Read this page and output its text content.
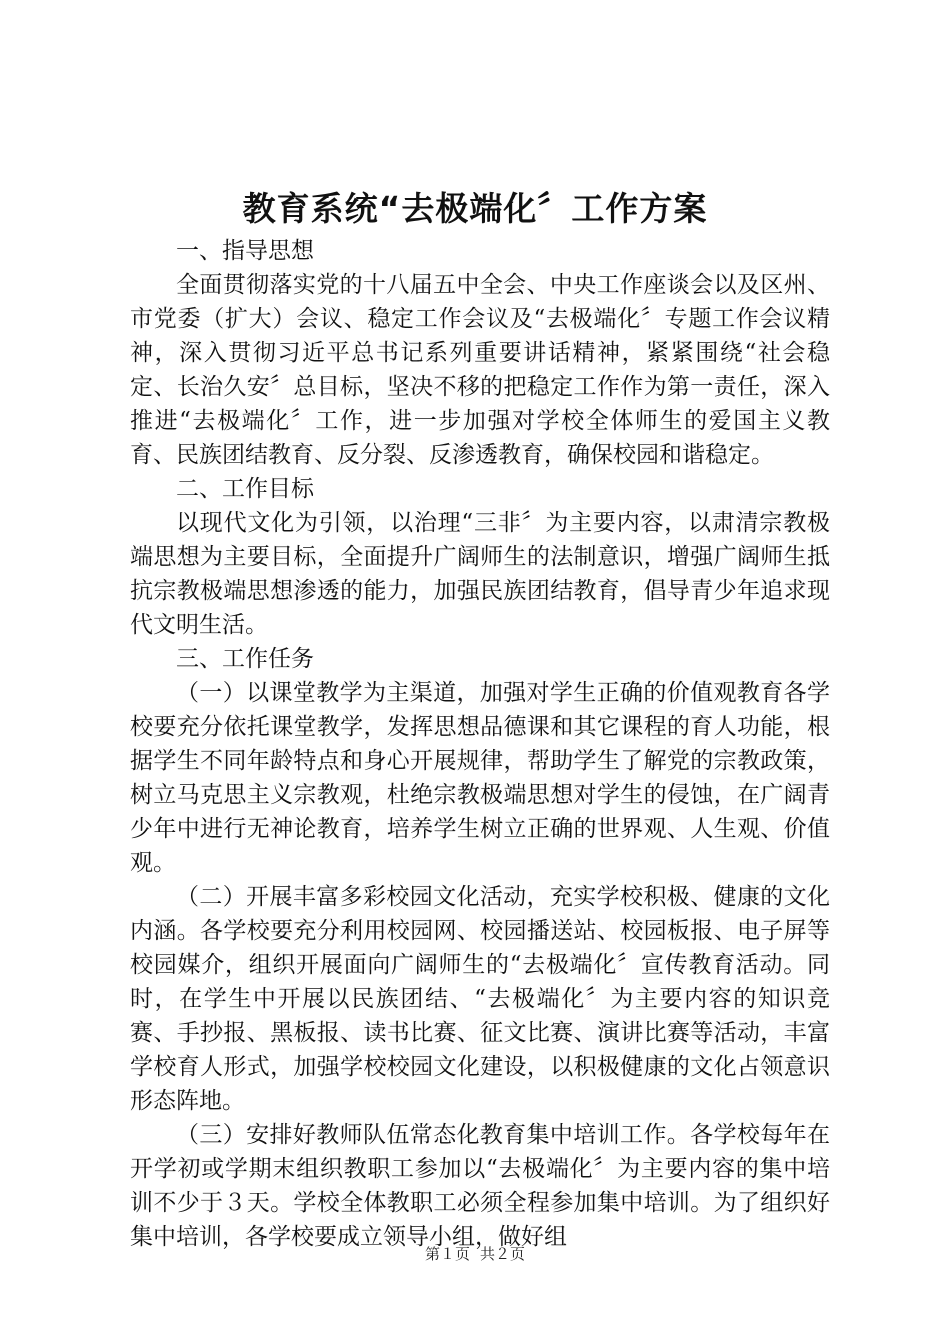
教育系统“去极端化〞工作方案

一、指导思想

全面贯彻落实党的十八届五中全会、中央工作座谈会以及区州、市党委（扩大）会议、稳定工作会议及“去极端化〞专题工作会议精神，深入贯彻习近平总书记系列重要讲话精神，紧紧围绕“社会稳定、长治久安〞总目标，坚决不移的把稳定工作作为第一责任，深入推进“去极端化〞工作，进一步加强对学校全体师生的爱国主义教育、民族团结教育、反分裂、反渗透教育，确保校园和谐稳定。

二、工作目标

以现代文化为引领，以治理“三非〞为主要内容，以肃清宗教极端思想为主要目标，全面提升广阔师生的法制意识，增强广阔师生抵抗宗教极端思想渗透的能力，加强民族团结教育，倡导青少年追求现代文明生活。

三、工作任务

（一）以课堂教学为主渠道，加强对学生正确的价值观教育各学校要充分依托课堂教学，发挥思想品德课和其它课程的育人功能，根据学生不同年龄特点和身心开展规律，帮助学生了解党的宗教政策，树立马克思主义宗教观，杜绝宗教极端思想对学生的侵蚀，在广阔青少年中进行无神论教育，培养学生树立正确的世界观、人生观、价值观。

（二）开展丰富多彩校园文化活动，充实学校积极、健康的文化内涵。各学校要充分利用校园网、校园播送站、校园板报、电子屏等校园媒介，组织开展面向广阔师生的“去极端化〞宣传教育活动。同时，在学生中开展以民族团结、“去极端化〞为主要内容的知识竞赛、手抄报、黑板报、读书比赛、征文比赛、演讲比赛等活动，丰富学校育人形式，加强学校校园文化建设，以积极健康的文化占领意识形态阵地。

（三）安排好教师队伍常态化教育集中培训工作。各学校每年在开学初或学期末组织教职工参加以“去极端化〞为主要内容的集中培训不少于３天。学校全体教职工必须全程参加集中培训。为了组织好集中培训，各学校要成立领导小组，做好组

第１页 共２页
